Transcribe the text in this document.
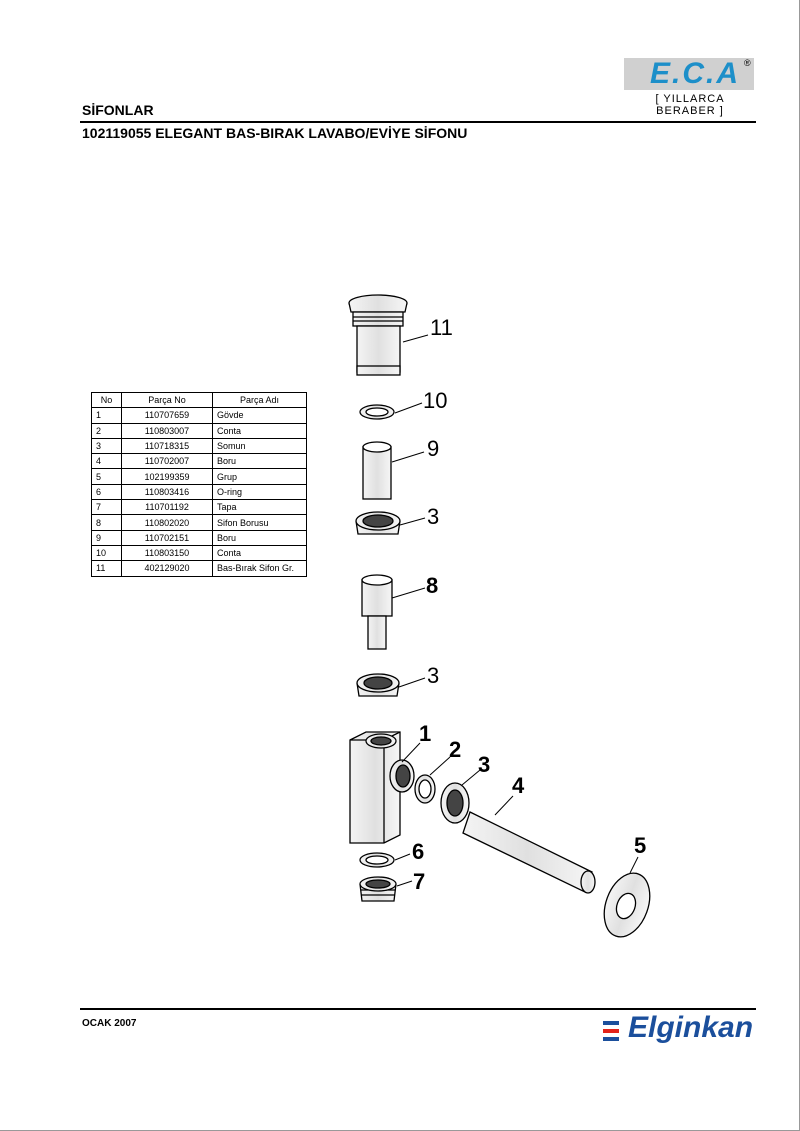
E.C.A ®
[ YILLARCA BERABER ]
SİFONLAR
102119055 ELEGANT BAS-BIRAK LAVABO/EVİYE SİFONU
No	Parça No	Parça Adı
1	110707659	Gövde
2	110803007	Conta
3	110718315	Somun
4	110702007	Boru
5	102199359	Grup
6	110803416	O-ring
7	110701192	Tapa
8	110802020	Sifon Borusu
9	110702151	Boru
10	110803150	Conta
11	402129020	Bas-Bırak Sifon Gr.
11
10
9
3
8
3
1
2
3
4
5
6
7
OCAK 2007	Elginkan
